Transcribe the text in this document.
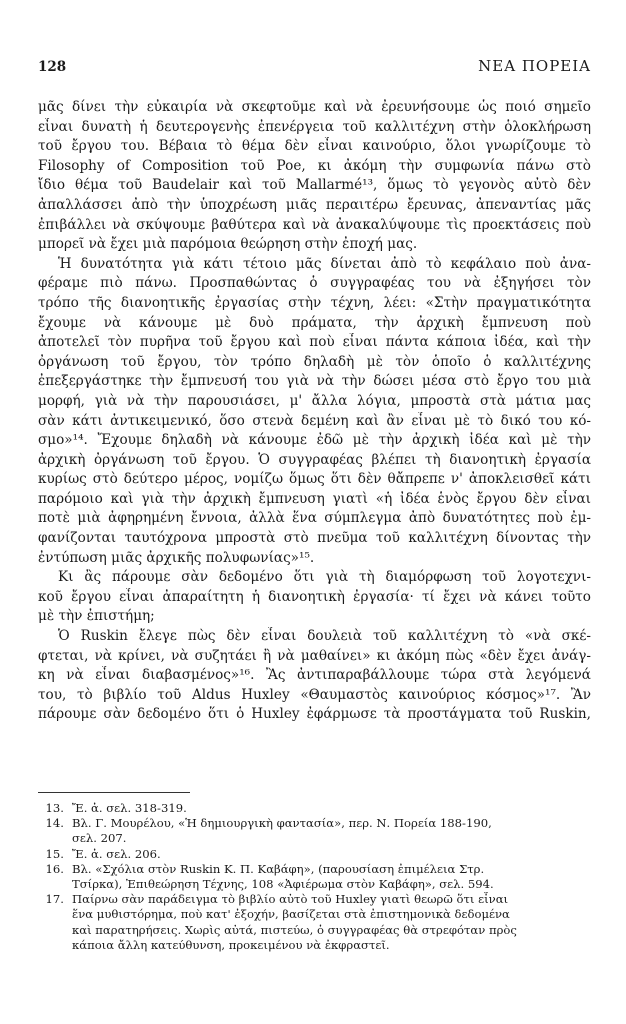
128	ΝΕΑ ΠΟΡΕΙΑ
μᾶς δίνει τὴν εὐκαιρία νὰ σκεφτοῦμε καὶ νὰ ἐρευνήσουμε ὡς ποιό σημεῖο
εἶναι δυνατὴ ἡ δευτερογενὴς ἐπενέργεια τοῦ καλλιτέχνη στὴν ὁλοκλήρωση
τοῦ ἔργου του. Βέβαια τὸ θέμα δὲν εἶναι καινούριο, ὅλοι γνωρίζουμε τὸ
Filosophy of Composition τοῦ Poe, κι ἀκόμη τὴν συμφωνία πάνω στὸ
ἴδιο θέμα τοῦ Baudelair καὶ τοῦ Mallarmé¹³, ὅμως τὸ γεγονὸς αὐτὸ δὲν
ἀπαλλάσσει ἀπὸ τὴν ὑποχρέωση μιᾶς περαιτέρω ἔρευνας, ἀπεναντίας μᾶς
ἐπιβάλλει νὰ σκύψουμε βαθύτερα καὶ νὰ ἀνακαλύψουμε τὶς προεκτάσεις ποὺ
μπορεῖ νὰ ἔχει μιὰ παρόμοια θεώρηση στὴν ἐποχή μας.
Ἡ δυνατότητα γιὰ κάτι τέτοιο μᾶς δίνεται ἀπὸ τὸ κεφάλαιο ποὺ ἀνα-
φέραμε πιὸ πάνω. Προσπαθώντας ὁ συγγραφέας του νὰ ἐξηγήσει τὸν
τρόπο τῆς διανοητικῆς ἐργασίας στὴν τέχνη, λέει: «Στὴν πραγματικότητα
ἔχουμε νὰ κάνουμε μὲ δυὸ πράματα, τὴν ἀρχικὴ ἔμπνευση ποὺ
ἀποτελεῖ τὸν πυρῆνα τοῦ ἔργου καὶ ποὺ εἶναι πάντα κάποια ἰδέα, καὶ τὴν
ὀργάνωση τοῦ ἔργου, τὸν τρόπο δηλαδὴ μὲ τὸν ὁποῖο ὁ καλλιτέχνης
ἐπεξεργάστηκε τὴν ἔμπνευσή του γιὰ νὰ τὴν δώσει μέσα στὸ ἔργο του μιὰ
μορφή, γιὰ νὰ τὴν παρουσιάσει, μ' ἄλλα λόγια, μπροστὰ στὰ μάτια μας
σὰν κάτι ἀντικειμενικό, ὅσο στενὰ δεμένη καὶ ἂν εἶναι μὲ τὸ δικό του κό-
σμο»¹⁴. Ἔχουμε δηλαδὴ νὰ κάνουμε ἐδῶ μὲ τὴν ἀρχικὴ ἰδέα καὶ μὲ τὴν
ἀρχικὴ ὀργάνωση τοῦ ἔργου. Ὁ συγγραφέας βλέπει τὴ διανοητικὴ ἐργασία
κυρίως στὸ δεύτερο μέρος, νομίζω ὅμως ὅτι δὲν θἄπρεπε ν' ἀποκλεισθεῖ κάτι
παρόμοιο καὶ γιὰ τὴν ἀρχικὴ ἔμπνευση γιατὶ «ἡ ἰδέα ἑνὸς ἔργου δὲν εἶναι
ποτὲ μιὰ ἀφηρημένη ἔννοια, ἀλλὰ ἕνα σύμπλεγμα ἀπὸ δυνατότητες ποὺ ἐμ-
φανίζονται ταυτόχρονα μπροστὰ στὸ πνεῦμα τοῦ καλλιτέχνη δίνοντας τὴν
ἐντύπωση μιᾶς ἀρχικῆς πολυφωνίας»¹⁵.
Κι ἂς πάρουμε σὰν δεδομένο ὅτι γιὰ τὴ διαμόρφωση τοῦ λογοτεχνι-
κοῦ ἔργου εἶναι ἀπαραίτητη ἡ διανοητικὴ ἐργασία· τί ἔχει νὰ κάνει τοῦτο
μὲ τὴν ἐπιστήμη;
Ὁ Ruskin ἔλεγε πὼς δὲν εἶναι δουλειὰ τοῦ καλλιτέχνη τὸ «νὰ σκέ-
φτεται, νὰ κρίνει, νὰ συζητάει ἢ νὰ μαθαίνει» κι ἀκόμη πὼς «δὲν ἔχει ἀνάγ-
κη νὰ εἶναι διαβασμένος»¹⁶. Ἂς ἀντιπαραβάλλουμε τώρα στὰ λεγόμενά
του, τὸ βιβλίο τοῦ Aldus Huxley «Θαυμαστὸς καινούριος κόσμος»¹⁷. Ἂν
πάρουμε σὰν δεδομένο ὅτι ὁ Huxley ἐφάρμωσε τὰ προστάγματα τοῦ Ruskin,
13. Ἔ. ἀ. σελ. 318-319.
14. Βλ. Γ. Μουρέλου, «Ἡ δημιουργικὴ φαντασία», περ. Ν. Πορεία 188-190,
σελ. 207.
15. Ἔ. ἀ. σελ. 206.
16. Βλ. «Σχόλια στὸν Ruskin Κ. Π. Καβάφη», (παρουσίαση ἐπιμέλεια Στρ.
Τσίρκα), Ἐπιθεώρηση Τέχνης, 108 «Ἀφιέρωμα στὸν Καβάφη», σελ. 594.
17. Παίρνω σὰν παράδειγμα τὸ βιβλίο αὐτὸ τοῦ Huxley γιατὶ θεωρῶ ὅτι εἶναι
ἕνα μυθιστόρημα, ποὺ κατ' ἐξοχήν, βασίζεται στὰ ἐπιστημονικὰ δεδομένα
καὶ παρατηρήσεις. Χωρὶς αὐτά, πιστεύω, ὁ συγγραφέας θὰ στρεφόταν πρὸς
κάποια ἄλλη κατεύθυνση, προκειμένου νὰ ἐκφραστεῖ.
